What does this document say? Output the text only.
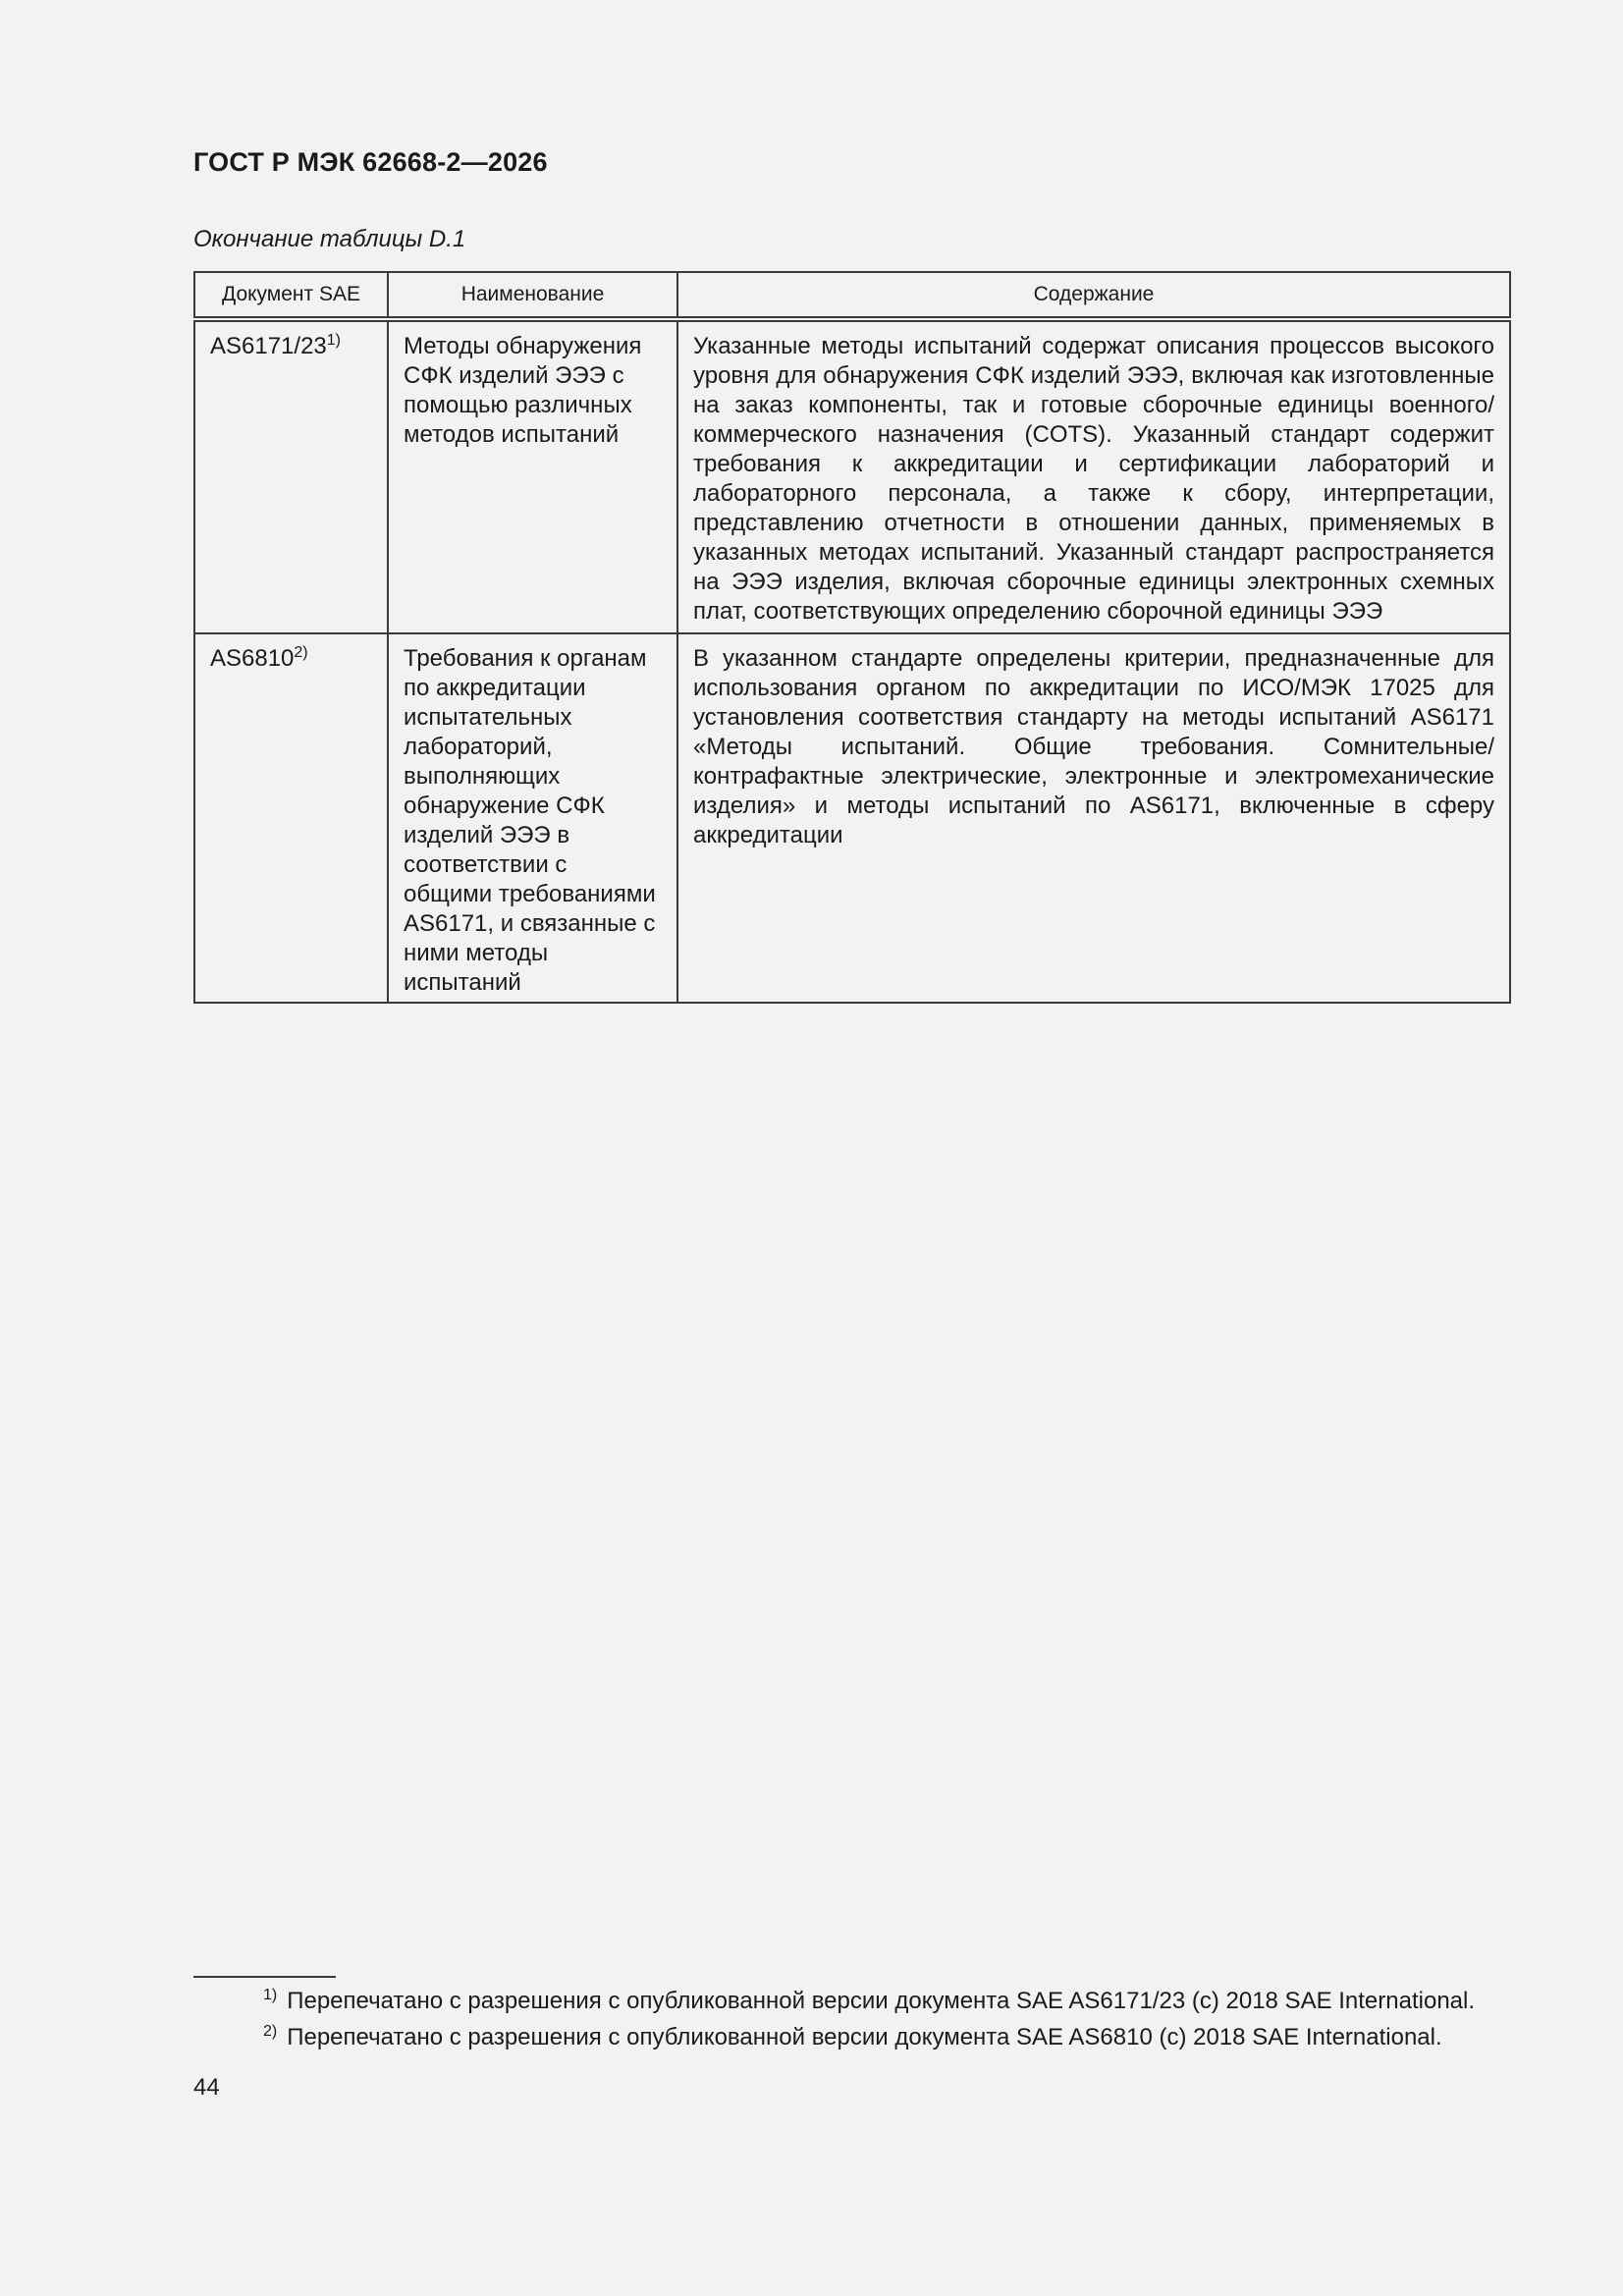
ГОСТ Р МЭК 62668-2—2026
Окончание таблицы D.1
Документ SAE	Наименование	Содержание
AS6171/23$^{1)}$	Методы обнаружения СФК изделий ЭЭЭ с помощью различных методов испытаний	Указанные методы испытаний содержат описания процессов высокого уровня для обнаружения СФК изделий ЭЭЭ, включая как изготовленные на заказ компоненты, так и готовые сборочные единицы военного/коммерческого назначения (COTS). Указанный стандарт содержит требования к аккредитации и сертификации лабораторий и лабораторного персонала, а также к сбору, интерпретации, представлению отчетности в отношении данных, применяемых в указанных методах испытаний. Указанный стандарт распространяется на ЭЭЭ изделия, включая сборочные единицы электронных схемных плат, соответствующих определению сборочной единицы ЭЭЭ
AS6810$^{2)}$	Требования к органам по аккредитации испытательных лабораторий, выполняющих обнаружение СФК изделий ЭЭЭ в соответствии с общими требованиями AS6171, и связанные с ними методы испытаний	В указанном стандарте определены критерии, предназначенные для использования органом по аккредитации по ИСО/МЭК 17025 для установления соответствия стандарту на методы испытаний AS6171 «Методы испытаний. Общие требования. Сомнительные/контрафактные электрические, электронные и электромеханические изделия» и методы испытаний по AS6171, включенные в сферу аккредитации
$^{1)}$ Перепечатано с разрешения с опубликованной версии документа SAE AS6171/23 (c) 2018 SAE International.
$^{2)}$ Перепечатано с разрешения с опубликованной версии документа SAE AS6810 (c) 2018 SAE International.
44
